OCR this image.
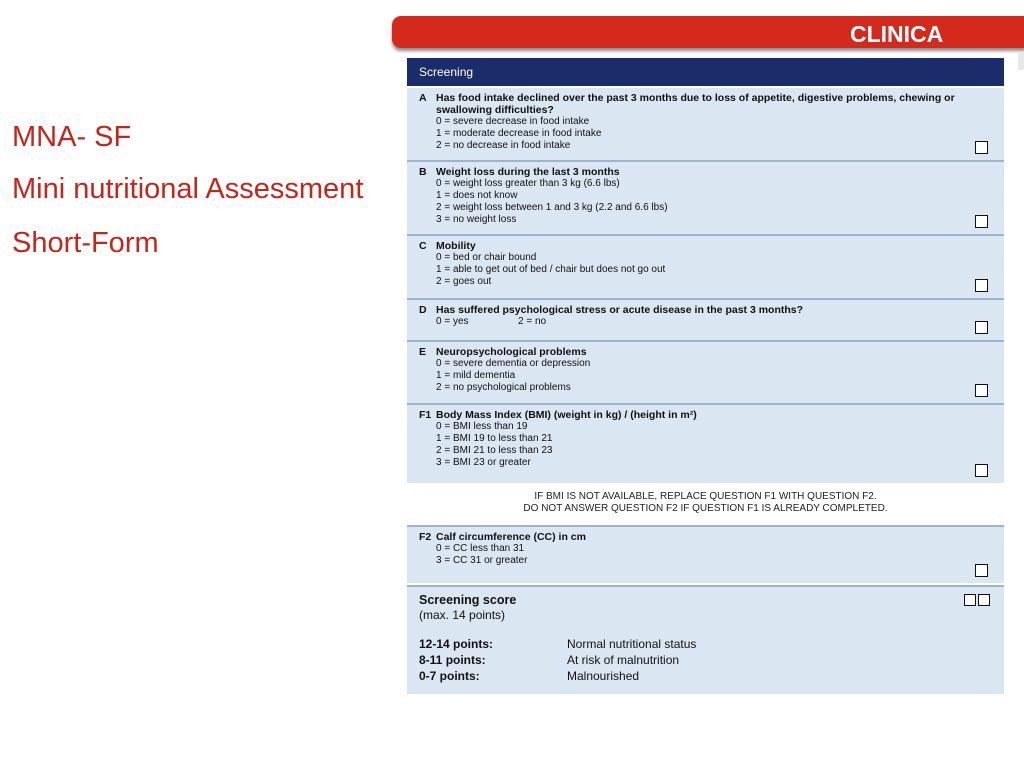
CLINICA
MNA- SF
Mini nutritional Assessment
Short-Form
Screening
A Has food intake declined over the past 3 months due to loss of appetite, digestive problems, chewing or swallowing difficulties?
0 = severe decrease in food intake
1 = moderate decrease in food intake
2 = no decrease in food intake
B Weight loss during the last 3 months
0 = weight loss greater than 3 kg (6.6 lbs)
1 = does not know
2 = weight loss between 1 and 3 kg (2.2 and 6.6 lbs)
3 = no weight loss
C Mobility
0 = bed or chair bound
1 = able to get out of bed / chair but does not go out
2 = goes out
D Has suffered psychological stress or acute disease in the past 3 months?
0 = yes	2 = no
E Neuropsychological problems
0 = severe dementia or depression
1 = mild dementia
2 = no psychological problems
F1 Body Mass Index (BMI) (weight in kg) / (height in m²)
0 = BMI less than 19
1 = BMI 19 to less than 21
2 = BMI 21 to less than 23
3 = BMI 23 or greater
IF BMI IS NOT AVAILABLE, REPLACE QUESTION F1 WITH QUESTION F2.
DO NOT ANSWER QUESTION F2 IF QUESTION F1 IS ALREADY COMPLETED.
F2 Calf circumference (CC) in cm
0 = CC less than 31
3 = CC 31 or greater
Screening score
(max. 14 points)
12-14 points:	Normal nutritional status
8-11 points:	At risk of malnutrition
0-7 points:	Malnourished
